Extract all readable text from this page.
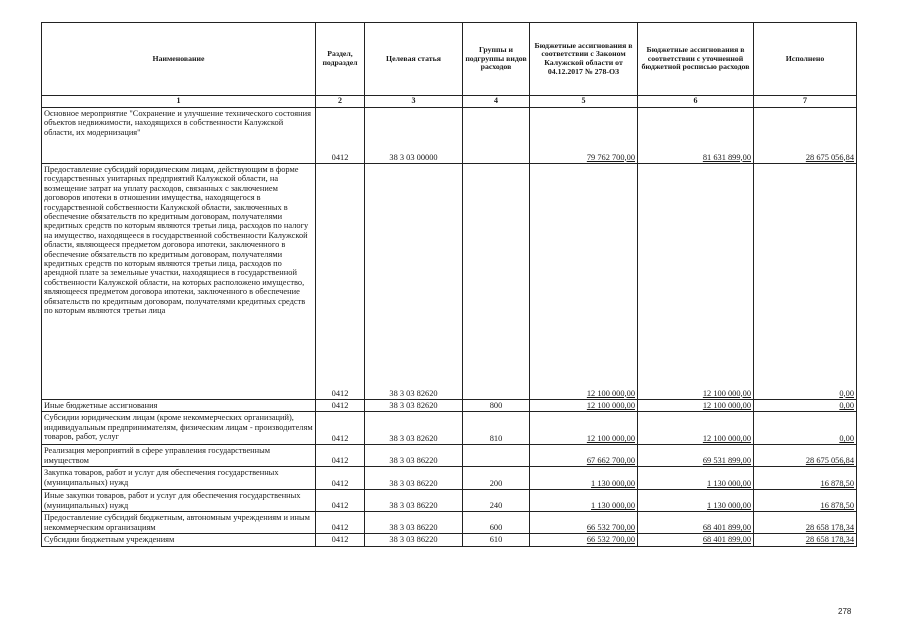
Наименование	Раздел, подраздел	Целевая статья	Группы и подгруппы видов расходов	Бюджетные ассигнования в соответствии с Законом Калужской области от 04.12.2017 № 278-ОЗ	Бюджетные ассигнования в соответствии с уточненной бюджетной росписью расходов	Исполнено
1	2	3	4	5	6	7
Основное мероприятие "Сохранение и улучшение технического состояния объектов недвижимости, находящихся в собственности Калужской области, их модернизация"	0412	38 3 03 00000		79 762 700,00	81 631 899,00	28 675 056,84
Предоставление субсидий юридическим лицам, действующим в форме государственных унитарных предприятий Калужской области, на возмещение затрат на уплату расходов, связанных с заключением договоров ипотеки в отношении имущества, находящегося в государственной собственности Калужской области, заключенных в обеспечение обязательств по кредитным договорам, получателями кредитных средств по которым являются третьи лица, расходов по налогу на имущество, находящееся в государственной собственности Калужской области, являющееся предметом договора ипотеки, заключенного в обеспечение обязательств по кредитным договорам, получателями кредитных средств по которым являются третьи лица, расходов по арендной плате за земельные участки, находящиеся в государственной собственности Калужской области, на которых расположено имущество, являющееся предметом договора ипотеки, заключенного в обеспечение обязательств по кредитным договорам, получателями кредитных средств по которым являются третьи лица	0412	38 3 03 82620		12 100 000,00	12 100 000,00	0,00
Иные бюджетные ассигнования	0412	38 3 03 82620	800	12 100 000,00	12 100 000,00	0,00
Субсидии юридическим лицам (кроме некоммерческих организаций), индивидуальным предпринимателям, физическим лицам - производителям товаров, работ, услуг	0412	38 3 03 82620	810	12 100 000,00	12 100 000,00	0,00
Реализация мероприятий в сфере управления государственным имуществом	0412	38 3 03 86220		67 662 700,00	69 531 899,00	28 675 056,84
Закупка товаров, работ и услуг для обеспечения государственных (муниципальных) нужд	0412	38 3 03 86220	200	1 130 000,00	1 130 000,00	16 878,50
Иные закупки товаров, работ и услуг для обеспечения государственных (муниципальных) нужд	0412	38 3 03 86220	240	1 130 000,00	1 130 000,00	16 878,50
Предоставление субсидий бюджетным, автономным учреждениям и иным некоммерческим организациям	0412	38 3 03 86220	600	66 532 700,00	68 401 899,00	28 658 178,34
Субсидии бюджетным учреждениям	0412	38 3 03 86220	610	66 532 700,00	68 401 899,00	28 658 178,34
278
